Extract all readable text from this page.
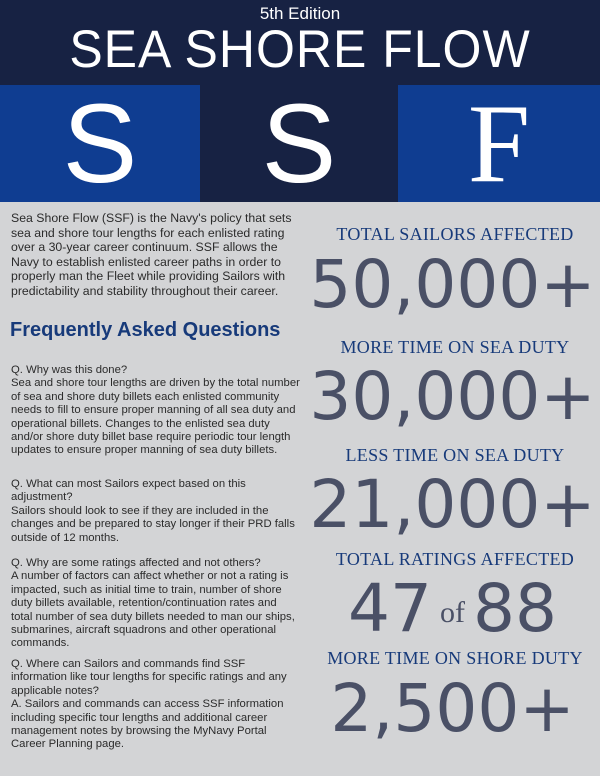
5th Edition
SEA SHORE FLOW
S	S	F
Sea Shore Flow (SSF) is the Navy's policy that sets sea and shore tour lengths for each enlisted rating over a 30-year career continuum. SSF allows the Navy to establish enlisted career paths in order to properly man the Fleet while providing Sailors with predictability and stability throughout their career.
Frequently Asked Questions

Q. Why was this done?

Sea and shore tour lengths are driven by the total number of sea and shore duty billets each enlisted community needs to fill to ensure proper manning of all sea duty and operational billets. Changes to the enlisted sea duty and/or shore duty billet base require periodic tour length updates to ensure proper manning of sea duty billets.

Q. What can most Sailors expect based on this adjustment?

Sailors should look to see if they are included in the changes and be prepared to stay longer if their PRD falls outside of 12 months.

Q. Why are some ratings affected and not others?

A number of factors can affect whether or not a rating is impacted, such as initial time to train, number of shore duty billets available, retention/continuation rates and total number of sea duty billets needed to man our ships, submarines, aircraft squadrons and other operational commands.

Q. Where can Sailors and commands find SSF information like tour lengths for specific ratings and any applicable notes?

A. Sailors and commands can access SSF information including specific tour lengths and additional career management notes by browsing the MyNavy Portal Career Planning page.

TOTAL SAILORS AFFECTED
50,000+
MORE TIME ON SEA DUTY
30,000+
LESS TIME ON SEA DUTY
21,000+
TOTAL RATINGS AFFECTED
47 of 88
MORE TIME ON SHORE DUTY
2,500+
